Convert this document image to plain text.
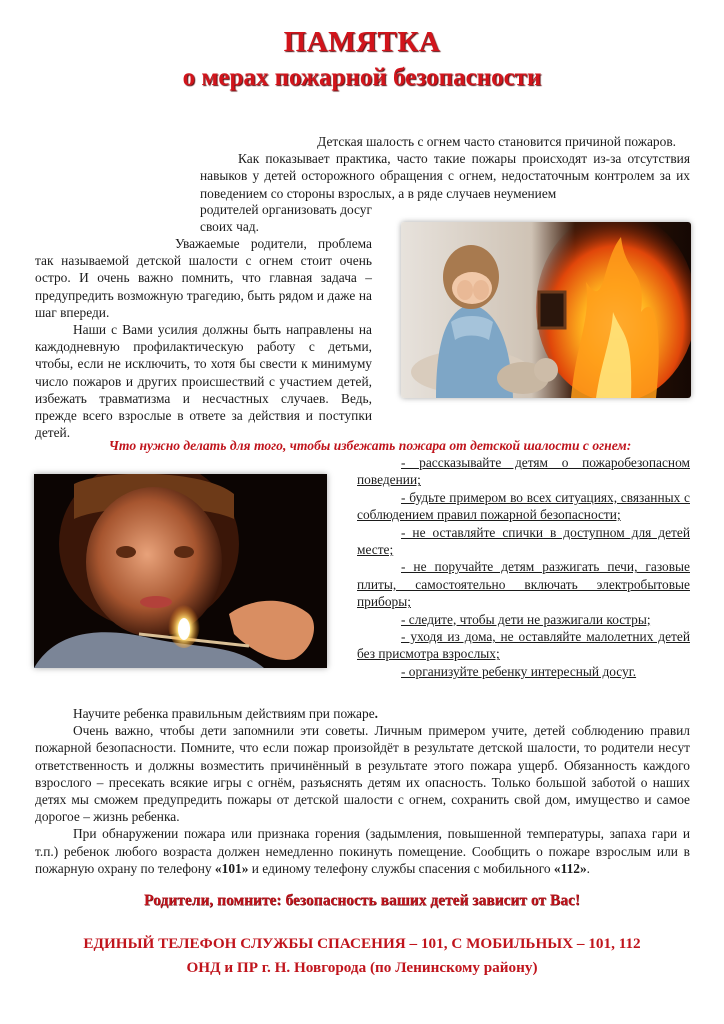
ПАМЯТКА
о мерах пожарной безопасности

Детская шалость с огнем часто становится причиной пожаров.

Как показывает практика, часто такие пожары происходят из-за отсутствия навыков у детей осторожного обращения с огнем, недостаточным контролем за их поведением со стороны взрослых, а в ряде случаев неумением

родителей организовать досуг своих чад.

Уважаемые родители, проблема так называемой детской шалости с огнем стоит очень остро. И очень важно помнить, что главная задача – предупредить возможную трагедию, быть рядом и даже на шаг впереди.

Наши с Вами усилия должны быть направлены на каждодневную профилактическую работу с детьми, чтобы, если не исключить, то хотя бы свести к минимуму число пожаров и других происшествий с участием детей, избежать травматизма и несчастных случаев. Ведь, прежде всего взрослые в ответе за действия и поступки детей.

Что нужно делать для того, чтобы избежать пожара от детской шалости с огнем:
- рассказывайте детям о пожаробезопасном поведении;
- будьте примером во всех ситуациях, связанных с соблюдением правил пожарной безопасности;
- не оставляйте спички в доступном для детей месте;
- не поручайте детям разжигать печи, газовые плиты, самостоятельно включать электробытовые приборы;
- следите, чтобы дети не разжигали костры;
- уходя из дома, не оставляйте малолетних детей без присмотра взрослых;
- организуйте ребенку интересный досуг.

Научите ребенка правильным действиям при пожаре.

Очень важно, чтобы дети запомнили эти советы. Личным примером учите, детей соблюдению правил пожарной безопасности. Помните, что если пожар произойдёт в результате детской шалости, то родители несут ответственность и должны возместить причинённый в результате этого пожара ущерб. Обязанность каждого взрослого – пресекать всякие игры с огнём, разъяснять детям их опасность. Только большой заботой о наших детях мы сможем предупредить пожары от детской шалости с огнем, сохранить свой дом, имущество и самое дорогое – жизнь ребенка.

При обнаружении пожара или признака горения (задымления, повышенной температуры, запаха гари и т.п.) ребенок любого возраста должен немедленно покинуть помещение. Сообщить о пожаре взрослым или в пожарную охрану по телефону «101» и единому телефону службы спасения с мобильного «112».

Родители, помните: безопасность ваших детей зависит от Вас!
ЕДИНЫЙ ТЕЛЕФОН СЛУЖБЫ СПАСЕНИЯ – 101, С МОБИЛЬНЫХ – 101, 112
ОНД и ПР г. Н. Новгорода (по Ленинскому району)
